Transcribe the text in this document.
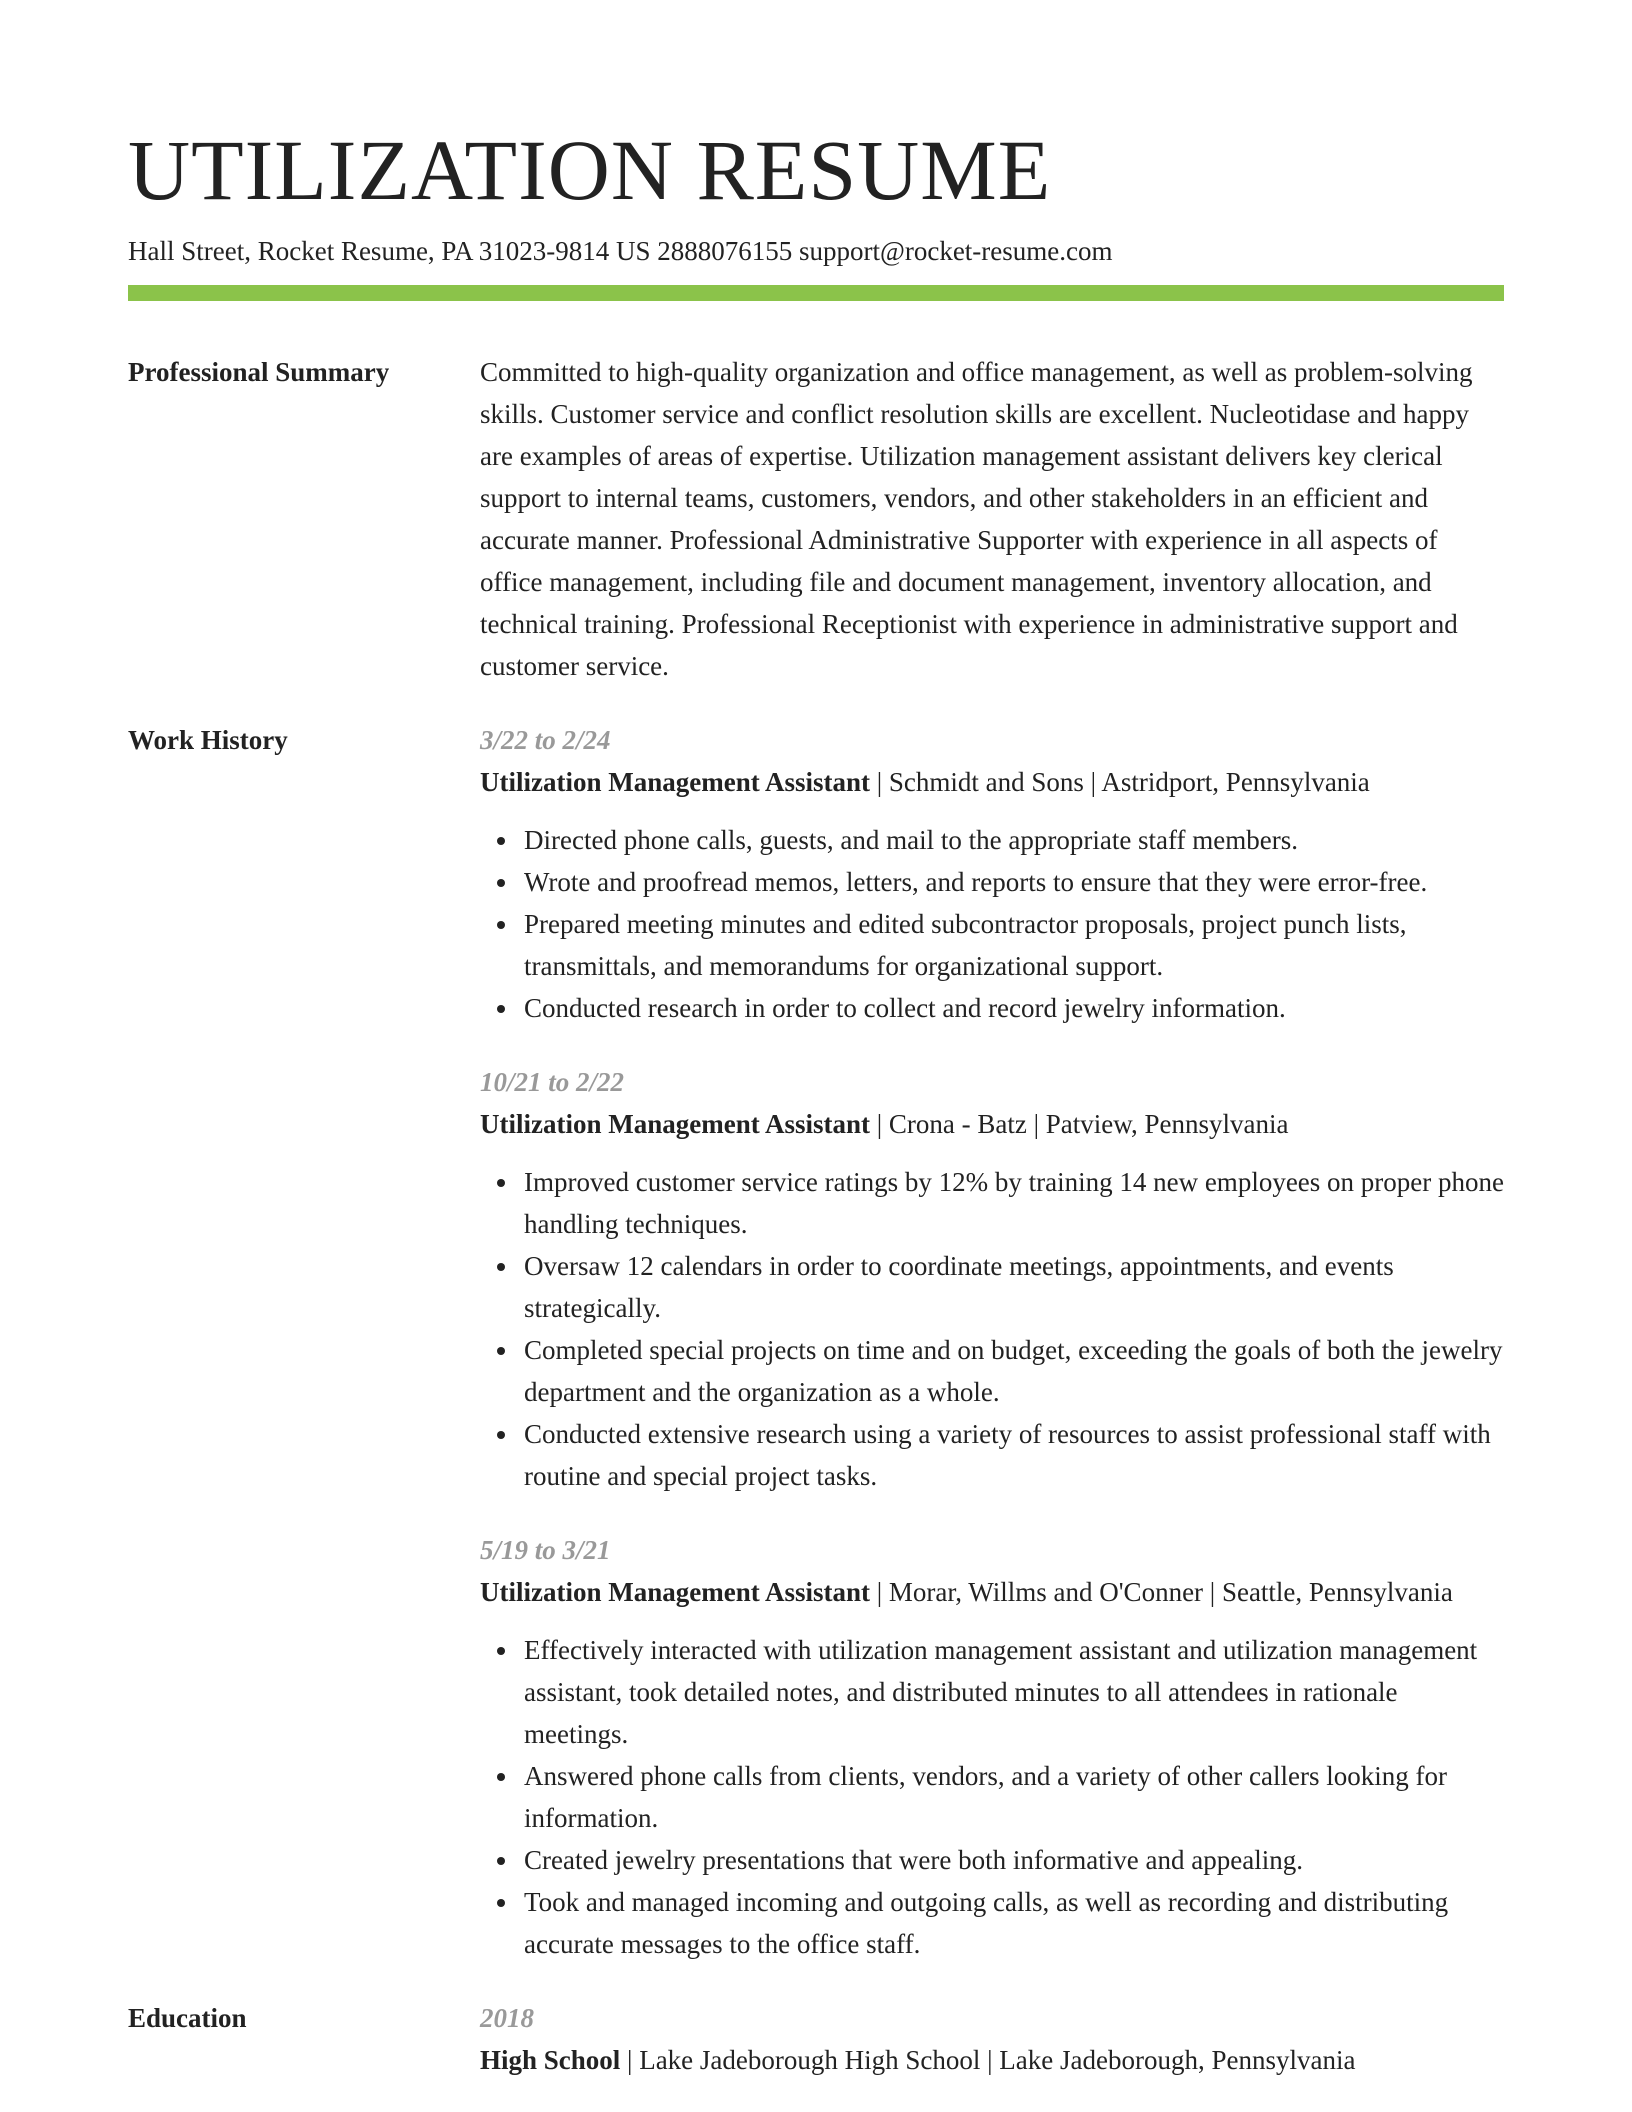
UTILIZATION RESUME
Hall Street, Rocket Resume, PA 31023-9814 US 2888076155 support@rocket-resume.com
Professional Summary	Committed to high-quality organization and office management, as well as problem-solving skills. Customer service and conflict resolution skills are excellent. Nucleotidase and happy are examples of areas of expertise. Utilization management assistant delivers key clerical support to internal teams, customers, vendors, and other stakeholders in an efficient and accurate manner. Professional Administrative Supporter with experience in all aspects of office management, including file and document management, inventory allocation, and technical training. Professional Receptionist with experience in administrative support and customer service.
Work History	3/22 to 2/24
Utilization Management Assistant | Schmidt and Sons | Astridport, Pennsylvania
Directed phone calls, guests, and mail to the appropriate staff members.
Wrote and proofread memos, letters, and reports to ensure that they were error-free.
Prepared meeting minutes and edited subcontractor proposals, project punch lists, transmittals, and memorandums for organizational support.
Conducted research in order to collect and record jewelry information.
10/21 to 2/22
Utilization Management Assistant | Crona - Batz | Patview, Pennsylvania
Improved customer service ratings by 12% by training 14 new employees on proper phone handling techniques.
Oversaw 12 calendars in order to coordinate meetings, appointments, and events strategically.
Completed special projects on time and on budget, exceeding the goals of both the jewelry department and the organization as a whole.
Conducted extensive research using a variety of resources to assist professional staff with routine and special project tasks.
5/19 to 3/21
Utilization Management Assistant | Morar, Willms and O'Conner | Seattle, Pennsylvania
Effectively interacted with utilization management assistant and utilization management assistant, took detailed notes, and distributed minutes to all attendees in rationale meetings.
Answered phone calls from clients, vendors, and a variety of other callers looking for information.
Created jewelry presentations that were both informative and appealing.
Took and managed incoming and outgoing calls, as well as recording and distributing accurate messages to the office staff.
Education	2018
High School | Lake Jadeborough High School | Lake Jadeborough, Pennsylvania
